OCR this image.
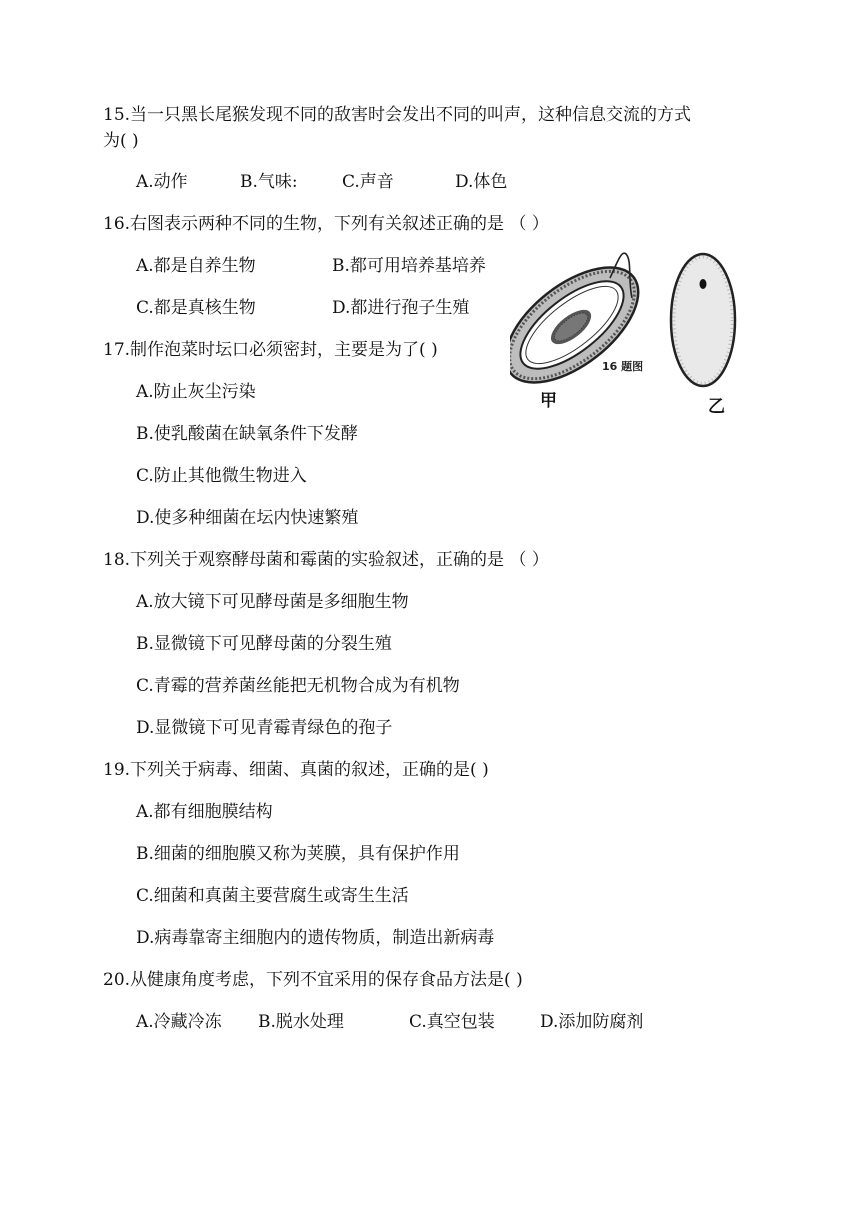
15.当一只黑长尾猴发现不同的敌害时会发出不同的叫声，这种信息交流的方式
为( )
A.动作	B.气味:	C.声音	D.体色
16.右图表示两种不同的生物，下列有关叙述正确的是 （ ）
A.都是自养生物	B.都可用培养基培养
C.都是真核生物	D.都进行孢子生殖
16 题图
甲	乙
17.制作泡菜时坛口必须密封，主要是为了( )
A.防止灰尘污染
B.使乳酸菌在缺氧条件下发酵
C.防止其他微生物进入
D.使多种细菌在坛内快速繁殖
18.下列关于观察酵母菌和霉菌的实验叙述，正确的是 （ ）
A.放大镜下可见酵母菌是多细胞生物
B.显微镜下可见酵母菌的分裂生殖
C.青霉的营养菌丝能把无机物合成为有机物
D.显微镜下可见青霉青绿色的孢子
19.下列关于病毒、细菌、真菌的叙述，正确的是( )
A.都有细胞膜结构
B.细菌的细胞膜又称为荚膜，具有保护作用
C.细菌和真菌主要营腐生或寄生生活
D.病毒靠寄主细胞内的遗传物质，制造出新病毒
20.从健康角度考虑，下列不宜采用的保存食品方法是( )
A.冷藏冷冻 B.脱水处理	C.真空包装	D.添加防腐剂
